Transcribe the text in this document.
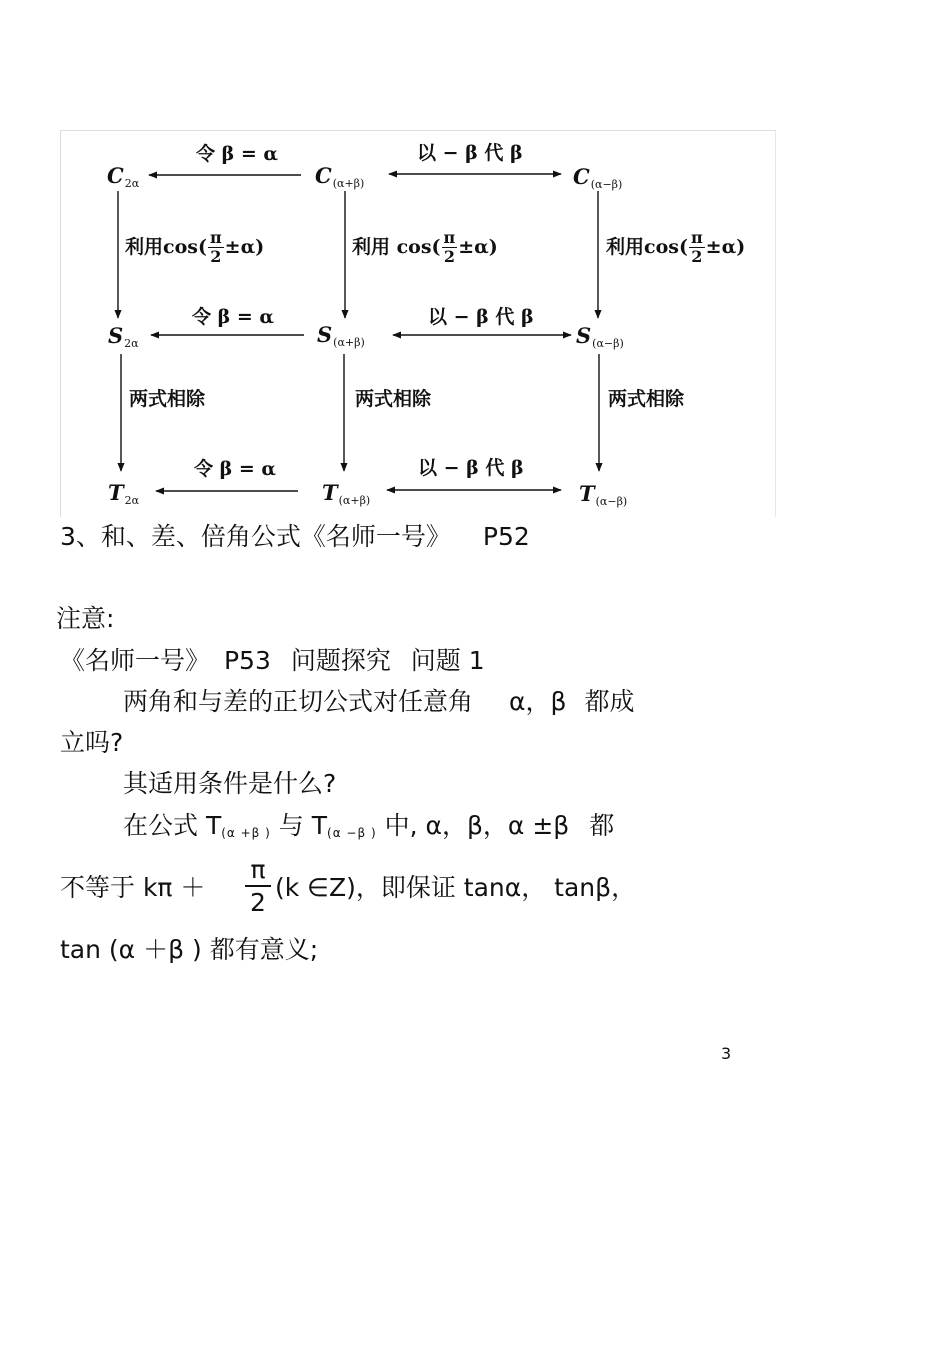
$C_{2\alpha}$	$C_{(\alpha+\beta)}$	$C_{(\alpha-\beta)}$
$S_{2\alpha}$	$S_{(\alpha+\beta)}$	$S_{(\alpha-\beta)}$
$T_{2\alpha}$	$T_{(\alpha+\beta)}$	$T_{(\alpha-\beta)}$
令 β = α	以 − β 代 β
令 β = α	以 − β 代 β
令 β = α	以 − β 代 β
利用$\cos( \frac{\pi}{2} \pm\alpha)$	利用 $\cos( \frac{\pi}{2} \pm\alpha)$	利用$\cos( \frac{\pi}{2} \pm\alpha)$
两式相除	两式相除	两式相除
3、和、差、倍角公式《名师一号》 P52
注意:
《名师一号》 P53 问题探究 问题 1
两角和与差的正切公式对任意角 α，β 都成
立吗?
其适用条件是什么?
在公式 T(α +β ) 与 T(α −β ) 中, α，β，α ±β 都
不等于 kπ ＋
π
2
(k ∈Z)，即保证 tanα， tanβ，
tan (α ＋β ) 都有意义;
3
